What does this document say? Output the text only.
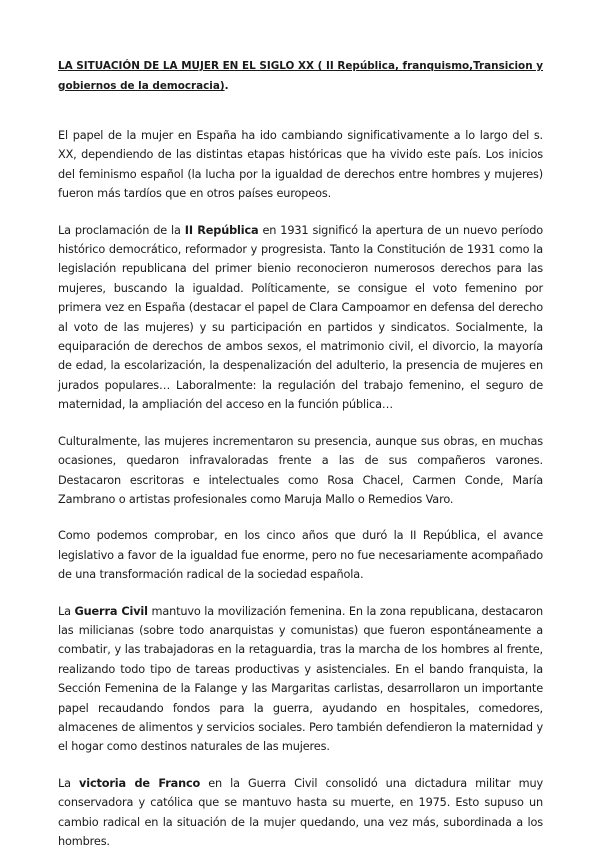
LA SITUACIÓN DE LA MUJER EN EL SIGLO XX ( II República, franquismo,Transicion y gobiernos de la democracia).

El papel de la mujer en España ha ido cambiando significativamente a lo largo del s. XX, dependiendo de las distintas etapas históricas que ha vivido este país. Los inicios del feminismo español (la lucha por la igualdad de derechos entre hombres y mujeres) fueron más tardíos que en otros países europeos.

La proclamación de la II República en 1931 significó la apertura de un nuevo período histórico democrático, reformador y progresista. Tanto la Constitución de 1931 como la legislación republicana del primer bienio reconocieron numerosos derechos para las mujeres, buscando la igualdad. Políticamente, se consigue el voto femenino por primera vez en España (destacar el papel de Clara Campoamor en defensa del derecho al voto de las mujeres) y su participación en partidos y sindicatos. Socialmente, la equiparación de derechos de ambos sexos, el matrimonio civil, el divorcio, la mayoría de edad, la escolarización, la despenalización del adulterio, la presencia de mujeres en jurados populares… Laboralmente: la regulación del trabajo femenino, el seguro de maternidad, la ampliación del acceso en la función pública…

Culturalmente, las mujeres incrementaron su presencia, aunque sus obras, en muchas ocasiones, quedaron infravaloradas frente a las de sus compañeros varones. Destacaron escritoras e intelectuales como Rosa Chacel, Carmen Conde, María Zambrano o artistas profesionales como Maruja Mallo o Remedios Varo.

Como podemos comprobar, en los cinco años que duró la II República, el avance legislativo a favor de la igualdad fue enorme, pero no fue necesariamente acompañado de una transformación radical de la sociedad española.

La Guerra Civil mantuvo la movilización femenina. En la zona republicana, destacaron las milicianas (sobre todo anarquistas y comunistas) que fueron espontáneamente a combatir, y las trabajadoras en la retaguardia, tras la marcha de los hombres al frente, realizando todo tipo de tareas productivas y asistenciales. En el bando franquista, la Sección Femenina de la Falange y las Margaritas carlistas, desarrollaron un importante papel recaudando fondos para la guerra, ayudando en hospitales, comedores, almacenes de alimentos y servicios sociales. Pero también defendieron la maternidad y el hogar como destinos naturales de las mujeres.

La victoria de Franco en la Guerra Civil consolidó una dictadura militar muy conservadora y católica que se mantuvo hasta su muerte, en 1975. Esto supuso un cambio radical en la situación de la mujer quedando, una vez más, subordinada a los hombres.
